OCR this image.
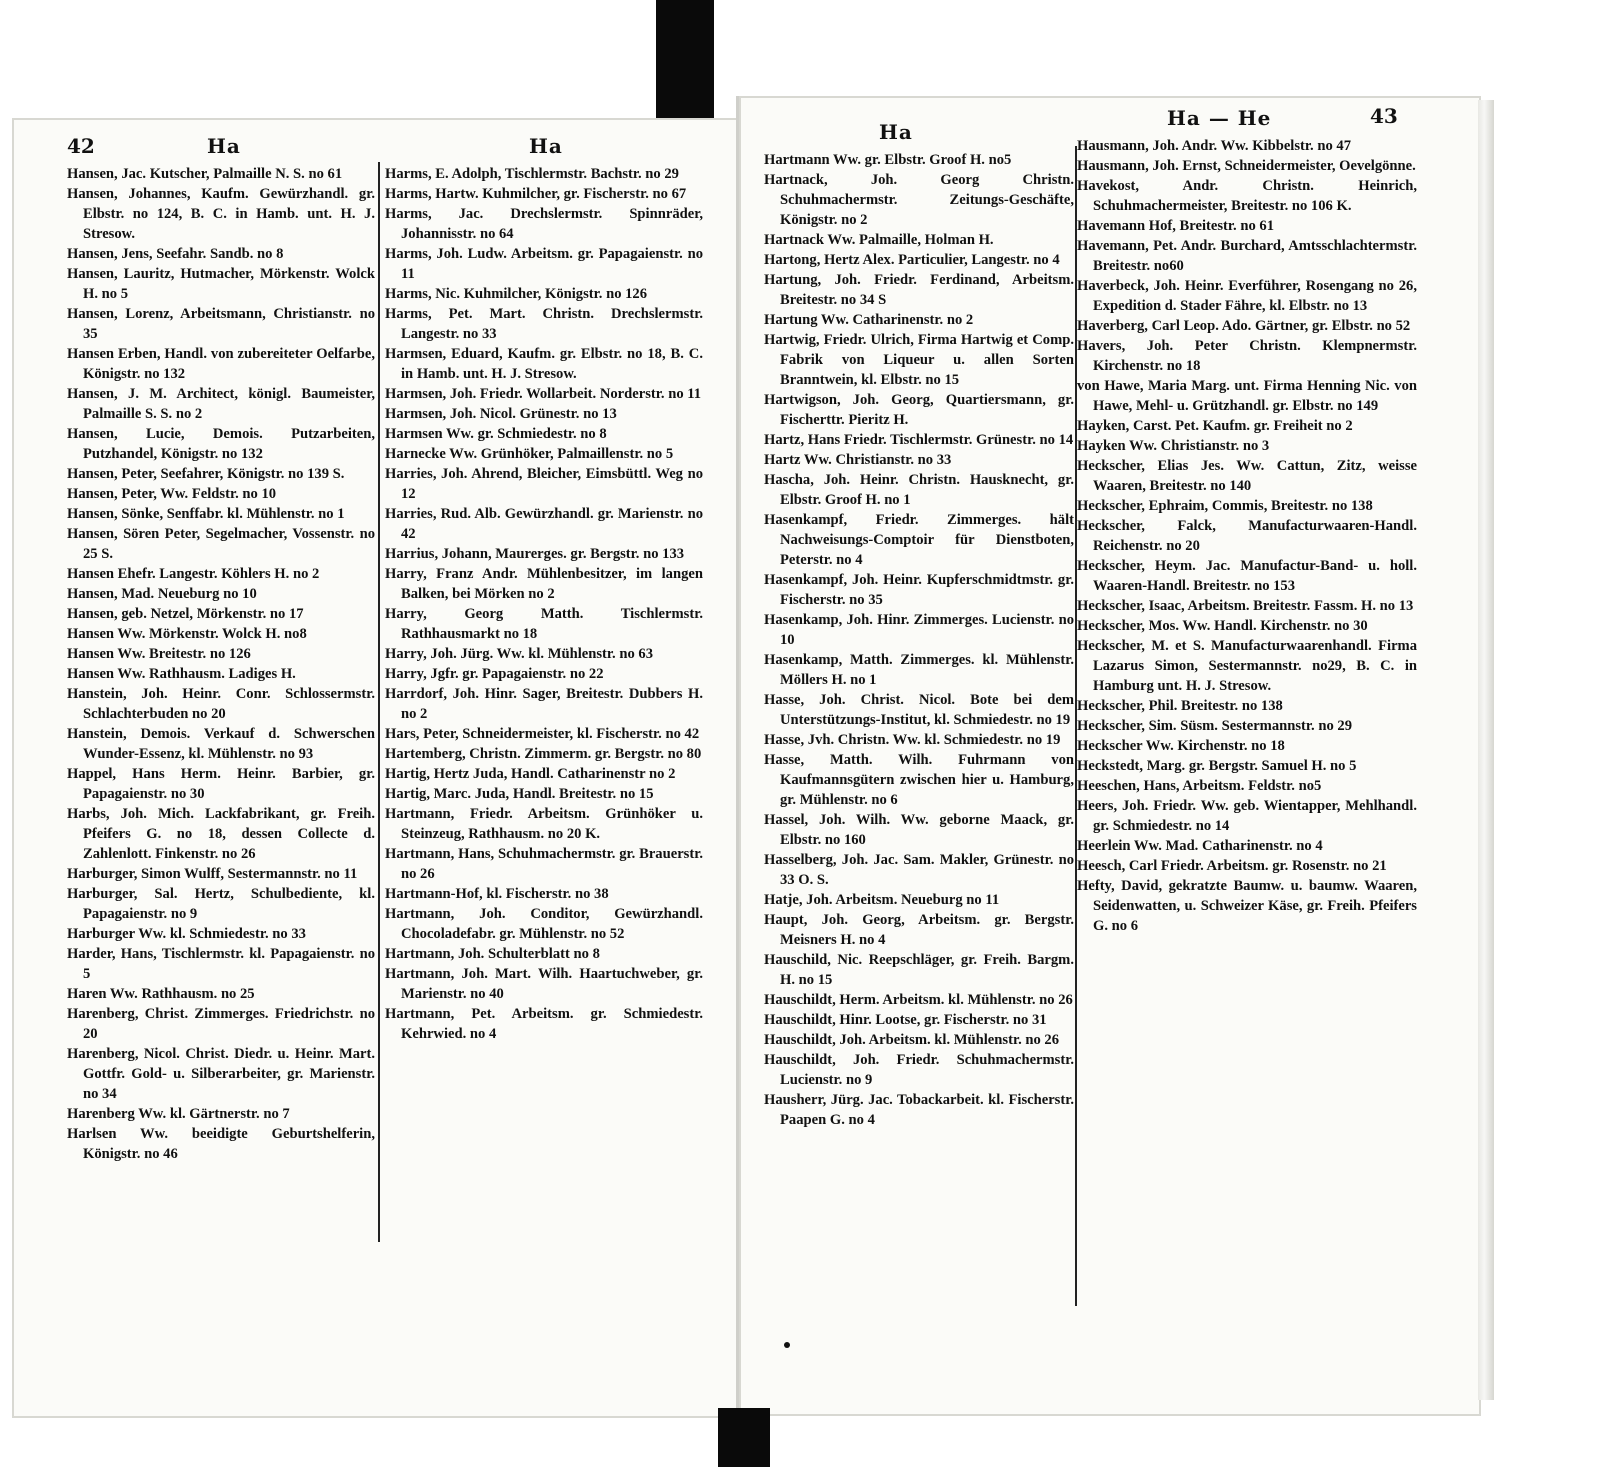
42	Ha	Ha

Hansen, Jac. Kutscher, Palmaille N. S. no 61

Hansen, Johannes, Kaufm. Gewürzhandl. gr. Elbstr. no 124, B. C. in Hamb. unt. H. J. Stresow.

Hansen, Jens, Seefahr. Sandb. no 8

Hansen, Lauritz, Hutmacher, Mörkenstr. Wolck H. no 5

Hansen, Lorenz, Arbeitsmann, Christianstr. no 35

Hansen Erben, Handl. von zubereiteter Oelfarbe, Königstr. no 132

Hansen, J. M. Architect, königl. Baumeister, Palmaille S. S. no 2

Hansen, Lucie, Demois. Putzarbeiten, Putzhandel, Königstr. no 132

Hansen, Peter, Seefahrer, Königstr. no 139 S.

Hansen, Peter, Ww. Feldstr. no 10

Hansen, Sönke, Senffabr. kl. Mühlenstr. no 1

Hansen, Sören Peter, Segelmacher, Vossenstr. no 25 S.

Hansen Ehefr. Langestr. Köhlers H. no 2

Hansen, Mad. Neueburg no 10

Hansen, geb. Netzel, Mörkenstr. no 17

Hansen Ww. Mörkenstr. Wolck H. no8

Hansen Ww. Breitestr. no 126

Hansen Ww. Rathhausm. Ladiges H.

Hanstein, Joh. Heinr. Conr. Schlossermstr. Schlachterbuden no 20

Hanstein, Demois. Verkauf d. Schwerschen Wunder-Essenz, kl. Mühlenstr. no 93

Happel, Hans Herm. Heinr. Barbier, gr. Papagaienstr. no 30

Harbs, Joh. Mich. Lackfabrikant, gr. Freih. Pfeifers G. no 18, dessen Collecte d. Zahlenlott. Finkenstr. no 26

Harburger, Simon Wulff, Sestermannstr. no 11

Harburger, Sal. Hertz, Schulbediente, kl. Papagaienstr. no 9

Harburger Ww. kl. Schmiedestr. no 33

Harder, Hans, Tischlermstr. kl. Papagaienstr. no 5

Haren Ww. Rathhausm. no 25

Harenberg, Christ. Zimmerges. Friedrichstr. no 20

Harenberg, Nicol. Christ. Diedr. u. Heinr. Mart. Gottfr. Gold- u. Silberarbeiter, gr. Marienstr. no 34

Harenberg Ww. kl. Gärtnerstr. no 7

Harlsen Ww. beeidigte Geburtshelferin, Königstr. no 46

Harms, E. Adolph, Tischlermstr. Bachstr. no 29

Harms, Hartw. Kuhmilcher, gr. Fischerstr. no 67

Harms, Jac. Drechslermstr. Spinnräder, Johannisstr. no 64

Harms, Joh. Ludw. Arbeitsm. gr. Papagaienstr. no 11

Harms, Nic. Kuhmilcher, Königstr. no 126

Harms, Pet. Mart. Christn. Drechslermstr. Langestr. no 33

Harmsen, Eduard, Kaufm. gr. Elbstr. no 18, B. C. in Hamb. unt. H. J. Stresow.

Harmsen, Joh. Friedr. Wollarbeit. Norderstr. no 11

Harmsen, Joh. Nicol. Grünestr. no 13

Harmsen Ww. gr. Schmiedestr. no 8

Harnecke Ww. Grünhöker, Palmaillenstr. no 5

Harries, Joh. Ahrend, Bleicher, Eimsbüttl. Weg no 12

Harries, Rud. Alb. Gewürzhandl. gr. Marienstr. no 42

Harrius, Johann, Maurerges. gr. Bergstr. no 133

Harry, Franz Andr. Mühlenbesitzer, im langen Balken, bei Mörken no 2

Harry, Georg Matth. Tischlermstr. Rathhausmarkt no 18

Harry, Joh. Jürg. Ww. kl. Mühlenstr. no 63

Harry, Jgfr. gr. Papagaienstr. no 22

Harrdorf, Joh. Hinr. Sager, Breitestr. Dubbers H. no 2

Hars, Peter, Schneidermeister, kl. Fischerstr. no 42

Hartemberg, Christn. Zimmerm. gr. Bergstr. no 80

Hartig, Hertz Juda, Handl. Catharinenstr no 2

Hartig, Marc. Juda, Handl. Breitestr. no 15

Hartmann, Friedr. Arbeitsm. Grünhöker u. Steinzeug, Rathhausm. no 20 K.

Hartmann, Hans, Schuhmachermstr. gr. Brauerstr. no 26

Hartmann-Hof, kl. Fischerstr. no 38

Hartmann, Joh. Conditor, Gewürzhandl. Chocoladefabr. gr. Mühlenstr. no 52

Hartmann, Joh. Schulterblatt no 8

Hartmann, Joh. Mart. Wilh. Haartuchweber, gr. Marienstr. no 40

Hartmann, Pet. Arbeitsm. gr. Schmiedestr. Kehrwied. no 4

43
Ha
Ha — He

Hartmann Ww. gr. Elbstr. Groof H. no5

Hartnack, Joh. Georg Christn. Schuhmachermstr. Zeitungs-Geschäfte, Königstr. no 2

Hartnack Ww. Palmaille, Holman H.

Hartong, Hertz Alex. Particulier, Langestr. no 4

Hartung, Joh. Friedr. Ferdinand, Arbeitsm. Breitestr. no 34 S

Hartung Ww. Catharinenstr. no 2

Hartwig, Friedr. Ulrich, Firma Hartwig et Comp. Fabrik von Liqueur u. allen Sorten Branntwein, kl. Elbstr. no 15

Hartwigson, Joh. Georg, Quartiersmann, gr. Fischerttr. Pieritz H.

Hartz, Hans Friedr. Tischlermstr. Grünestr. no 14

Hartz Ww. Christianstr. no 33

Hascha, Joh. Heinr. Christn. Hausknecht, gr. Elbstr. Groof H. no 1

Hasenkampf, Friedr. Zimmerges. hält Nachweisungs-Comptoir für Dienstboten, Peterstr. no 4

Hasenkampf, Joh. Heinr. Kupferschmidtmstr. gr. Fischerstr. no 35

Hasenkamp, Joh. Hinr. Zimmerges. Lucienstr. no 10

Hasenkamp, Matth. Zimmerges. kl. Mühlenstr. Möllers H. no 1

Hasse, Joh. Christ. Nicol. Bote bei dem Unterstützungs-Institut, kl. Schmiedestr. no 19

Hasse, Jvh. Christn. Ww. kl. Schmiedestr. no 19

Hasse, Matth. Wilh. Fuhrmann von Kaufmannsgütern zwischen hier u. Hamburg, gr. Mühlenstr. no 6

Hassel, Joh. Wilh. Ww. geborne Maack, gr. Elbstr. no 160

Hasselberg, Joh. Jac. Sam. Makler, Grünestr. no 33 O. S.

Hatje, Joh. Arbeitsm. Neueburg no 11

Haupt, Joh. Georg, Arbeitsm. gr. Bergstr. Meisners H. no 4

Hauschild, Nic. Reepschläger, gr. Freih. Bargm. H. no 15

Hauschildt, Herm. Arbeitsm. kl. Mühlenstr. no 26

Hauschildt, Hinr. Lootse, gr. Fischerstr. no 31

Hauschildt, Joh. Arbeitsm. kl. Mühlenstr. no 26

Hauschildt, Joh. Friedr. Schuhmachermstr. Lucienstr. no 9

Hausherr, Jürg. Jac. Tobackarbeit. kl. Fischerstr. Paapen G. no 4

Hausmann, Joh. Andr. Ww. Kibbelstr. no 47

Hausmann, Joh. Ernst, Schneidermeister, Oevelgönne.

Havekost, Andr. Christn. Heinrich, Schuhmachermeister, Breitestr. no 106 K.

Havemann Hof, Breitestr. no 61

Havemann, Pet. Andr. Burchard, Amtsschlachtermstr. Breitestr. no60

Haverbeck, Joh. Heinr. Everführer, Rosengang no 26, Expedition d. Stader Fähre, kl. Elbstr. no 13

Haverberg, Carl Leop. Ado. Gärtner, gr. Elbstr. no 52

Havers, Joh. Peter Christn. Klempnermstr. Kirchenstr. no 18

von Hawe, Maria Marg. unt. Firma Henning Nic. von Hawe, Mehl- u. Grützhandl. gr. Elbstr. no 149

Hayken, Carst. Pet. Kaufm. gr. Freiheit no 2

Hayken Ww. Christianstr. no 3

Heckscher, Elias Jes. Ww. Cattun, Zitz, weisse Waaren, Breitestr. no 140

Heckscher, Ephraim, Commis, Breitestr. no 138

Heckscher, Falck, Manufacturwaaren-Handl. Reichenstr. no 20

Heckscher, Heym. Jac. Manufactur-Band- u. holl. Waaren-Handl. Breitestr. no 153

Heckscher, Isaac, Arbeitsm. Breitestr. Fassm. H. no 13

Heckscher, Mos. Ww. Handl. Kirchenstr. no 30

Heckscher, M. et S. Manufacturwaarenhandl. Firma Lazarus Simon, Sestermannstr. no29, B. C. in Hamburg unt. H. J. Stresow.

Heckscher, Phil. Breitestr. no 138

Heckscher, Sim. Süsm. Sestermannstr. no 29

Heckscher Ww. Kirchenstr. no 18

Heckstedt, Marg. gr. Bergstr. Samuel H. no 5

Heeschen, Hans, Arbeitsm. Feldstr. no5

Heers, Joh. Friedr. Ww. geb. Wientapper, Mehlhandl. gr. Schmiedestr. no 14

Heerlein Ww. Mad. Catharinenstr. no 4

Heesch, Carl Friedr. Arbeitsm. gr. Rosenstr. no 21

Hefty, David, gekratzte Baumw. u. baumw. Waaren, Seidenwatten, u. Schweizer Käse, gr. Freih. Pfeifers G. no 6
